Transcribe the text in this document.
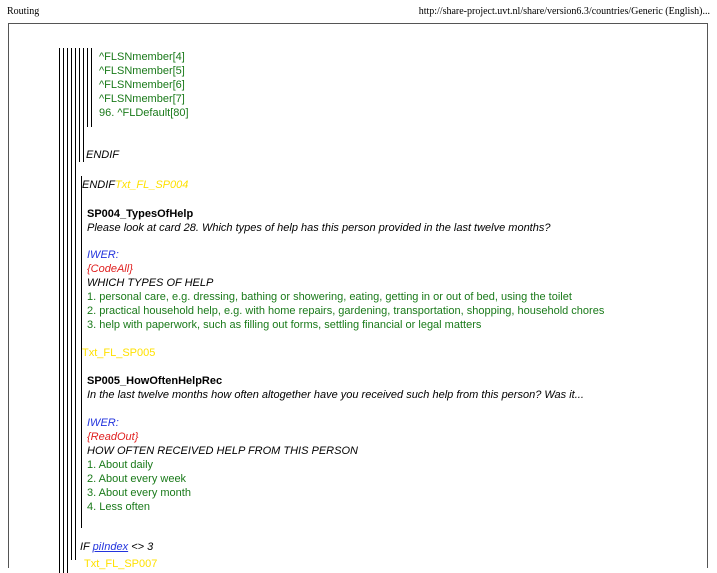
Routing	http://share-project.uvt.nl/share/version6.3/countries/Generic (English)...
^FLSNmember[4]
^FLSNmember[5]
^FLSNmember[6]
^FLSNmember[7]
96. ^FLDefault[80]
ENDIF
ENDIFTxt_FL_SP004
SP004_TypesOfHelp
Please look at card 28. Which types of help has this person provided in the last twelve months?
IWER:
{CodeAll}
WHICH TYPES OF HELP
1. personal care, e.g. dressing, bathing or showering, eating, getting in or out of bed, using the toilet
2. practical household help, e.g. with home repairs, gardening, transportation, shopping, household chores
3. help with paperwork, such as filling out forms, settling financial or legal matters
Txt_FL_SP005
SP005_HowOftenHelpRec
In the last twelve months how often altogether have you received such help from this person? Was it...
IWER:
{ReadOut}
HOW OFTEN RECEIVED HELP FROM THIS PERSON
1. About daily
2. About every week
3. About every month
4. Less often
IF piIndex <> 3
Txt_FL_SP007
